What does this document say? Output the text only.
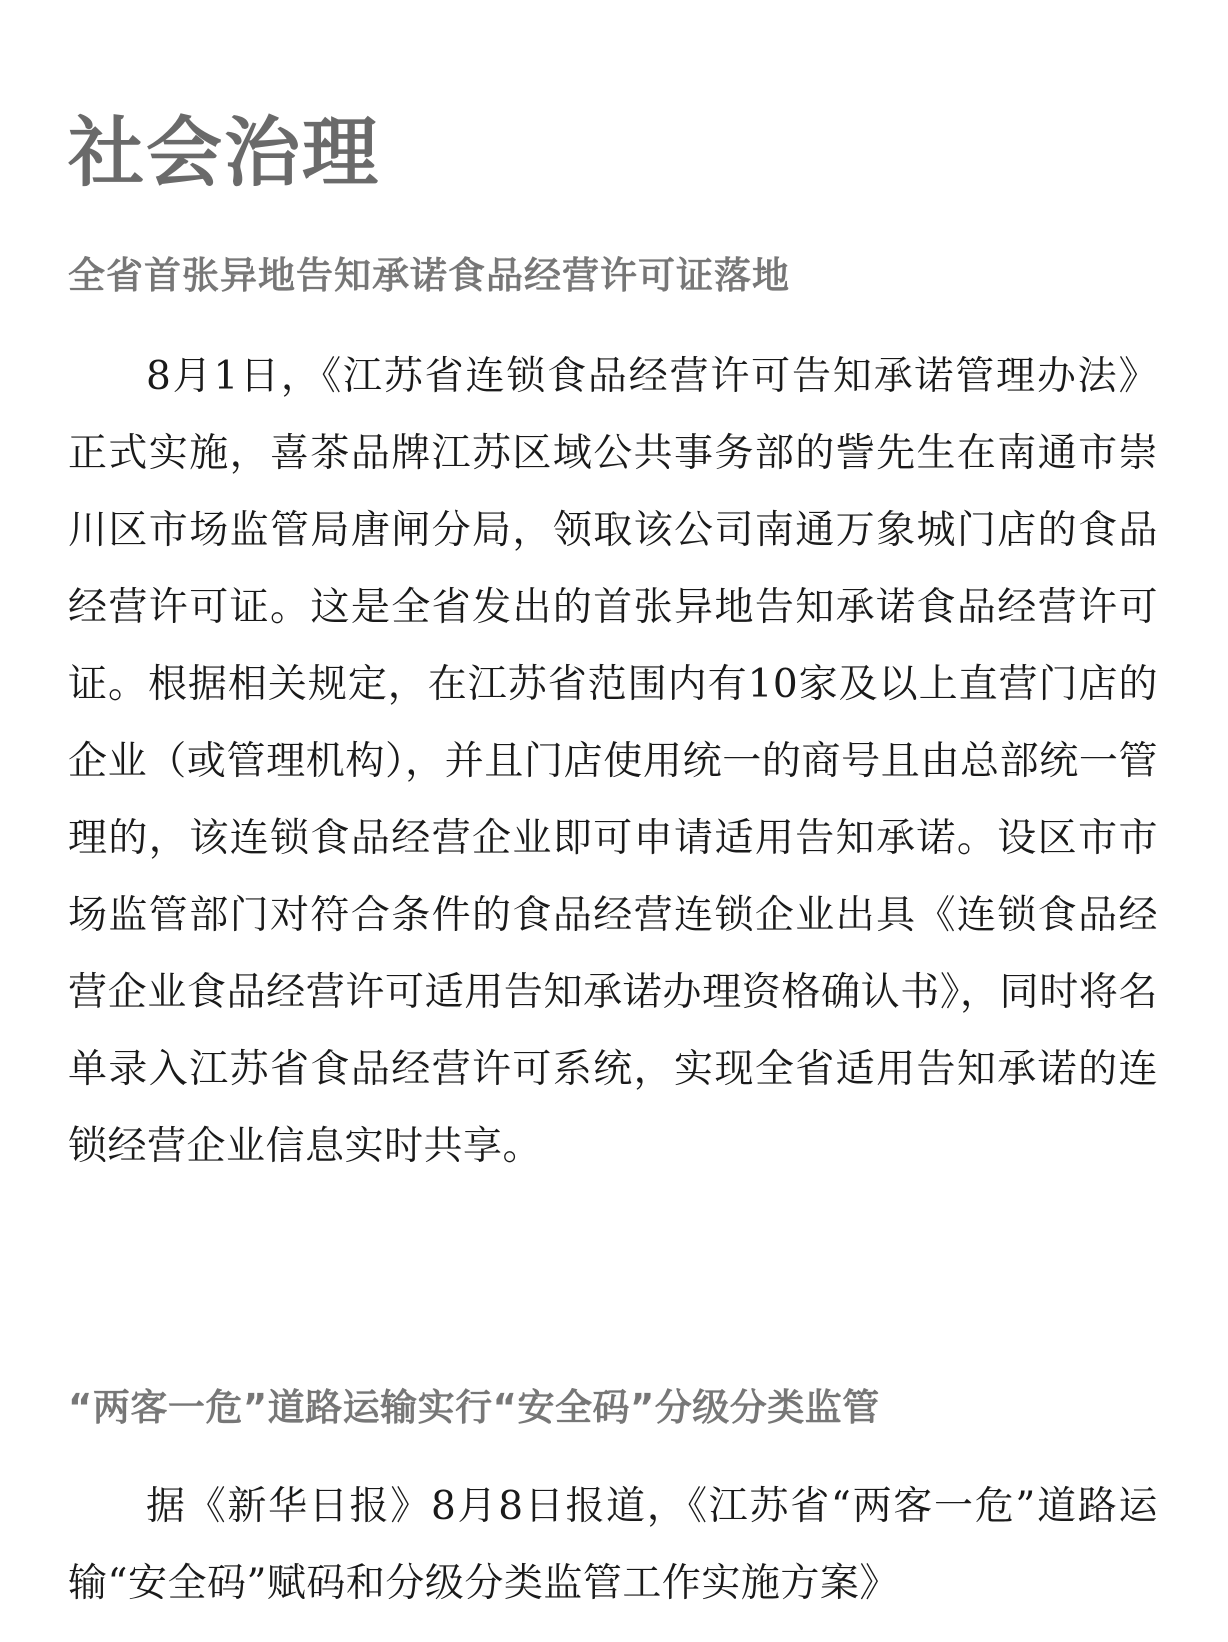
社会治理
全省首张异地告知承诺食品经营许可证落地

8月1日，《江苏省连锁食品经营许可告知承诺管理办法》正式实施，喜茶品牌江苏区域公共事务部的訾先生在南通市崇川区市场监管局唐闸分局，领取该公司南通万象城门店的食品经营许可证。这是全省发出的首张异地告知承诺食品经营许可证。根据相关规定，在江苏省范围内有10家及以上直营门店的企业（或管理机构），并且门店使用统一的商号且由总部统一管理的，该连锁食品经营企业即可申请适用告知承诺。设区市市场监管部门对符合条件的食品经营连锁企业出具《连锁食品经营企业食品经营许可适用告知承诺办理资格确认书》，同时将名单录入江苏省食品经营许可系统，实现全省适用告知承诺的连锁经营企业信息实时共享。

“两客一危”道路运输实行“安全码”分级分类监管

据《新华日报》8月8日报道，《江苏省“两客一危”道路运输“安全码”赋码和分级分类监管工作实施方案》
